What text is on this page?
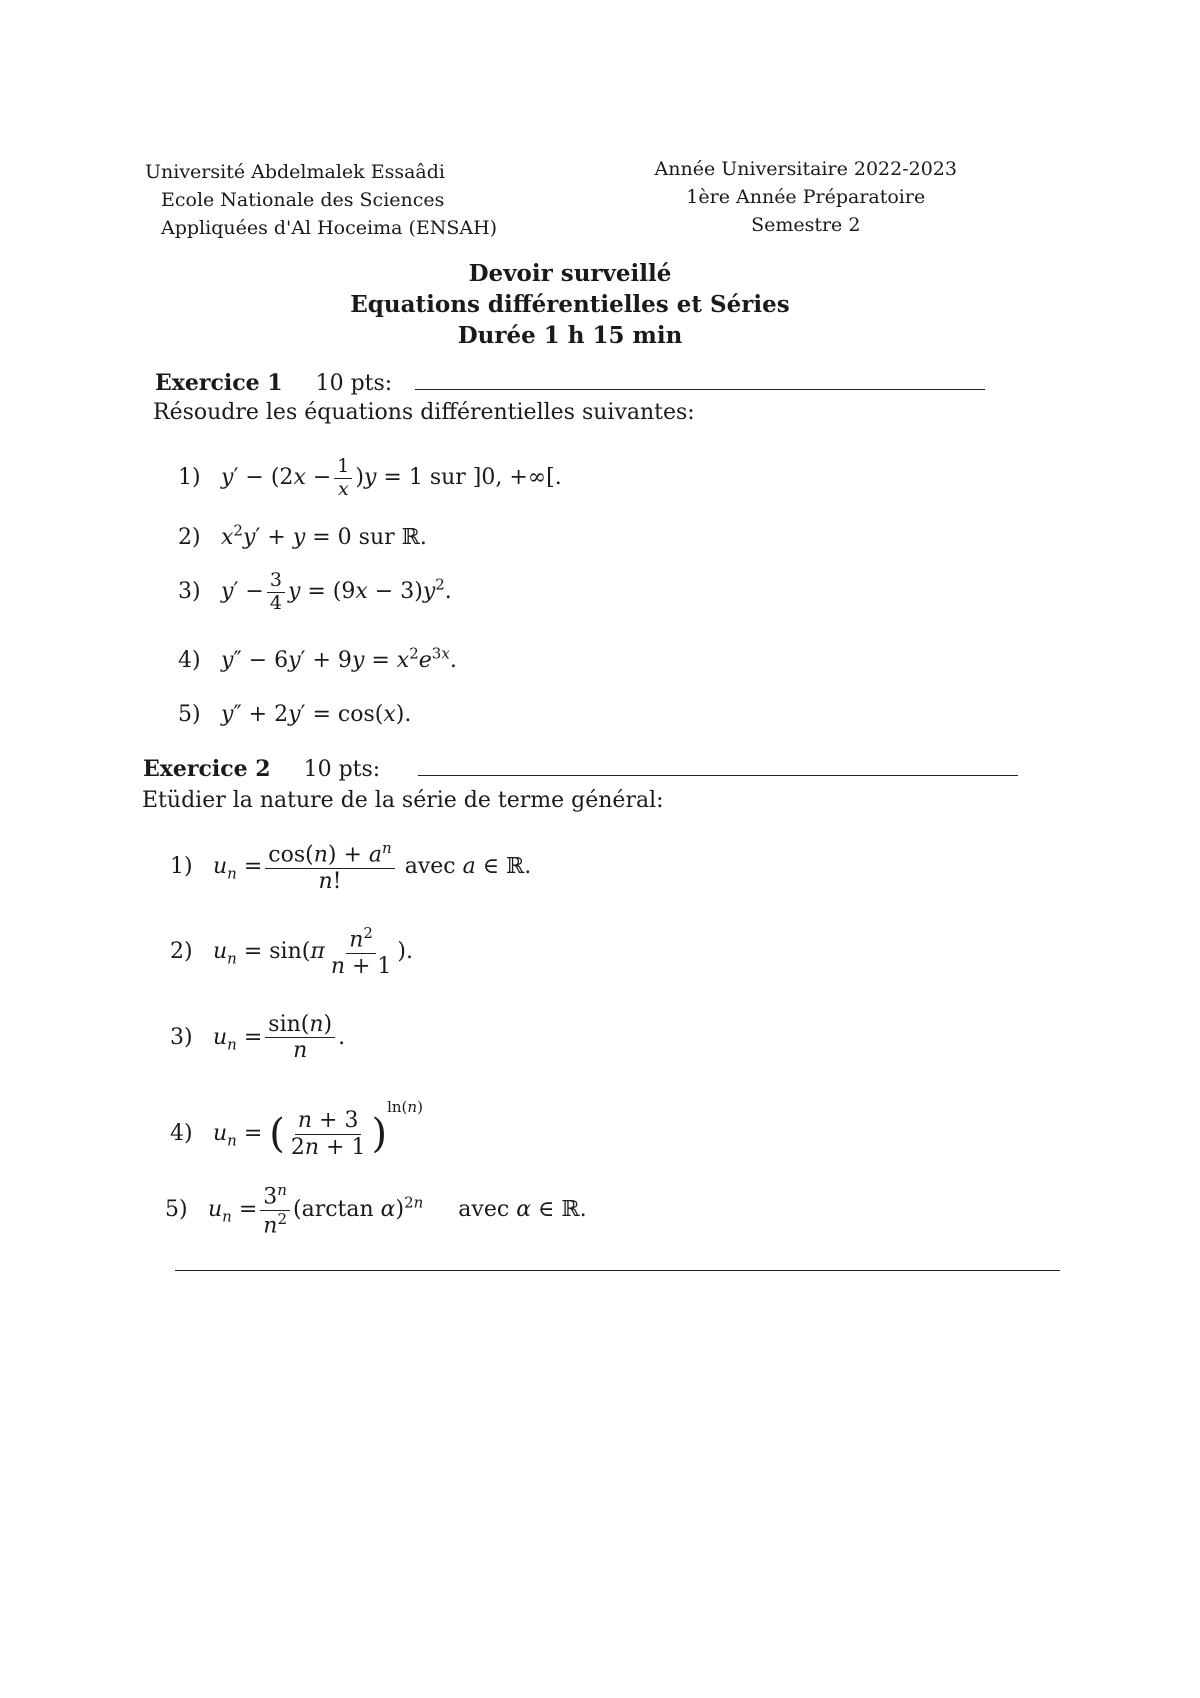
Université Abdelmalek Essaâdi
Ecole Nationale des Sciences
Appliquées d'Al Hoceima (ENSAH)
Année Universitaire 2022-2023
1ère Année Préparatoire
Semestre 2
Devoir surveillé
Equations différentielles et Séries
Durée 1 h 15 min
Exercice 1 10 pts:
Résoudre les équations différentielles suivantes:
1) $y' - (2x - \frac{1}{x} )y = 1$ sur ]0, +∞[.
2) $x^2y' + y = 0$ sur ℝ.
3) $y' - \frac{3}{4}$ $y = (9x - 3)y^2$.
4) $y'' - 6y' + 9y = x^2e^{3x}$.
5) y″ + 2y′ = cos(x).
Exercice 2 10 pts:
Etüdier la nature de la série de terme général:
1) $u_n = \frac{\cos(n) + a^n}{n!}$ avec a ∈ ℝ.
2) $u_n = \sin(\pi \frac{n^2}{n + 1}$ ).
3) $u_n = \frac{\sin(n)}{n}$ .
4) $u_n$ = ( $\frac{n + 3}{2n + 1} )^{ln(n)}$
5) $u_n = \frac{3^n}{n^2} (\arctan$ α)$^{2n}$     avec α ∈ ℝ.
